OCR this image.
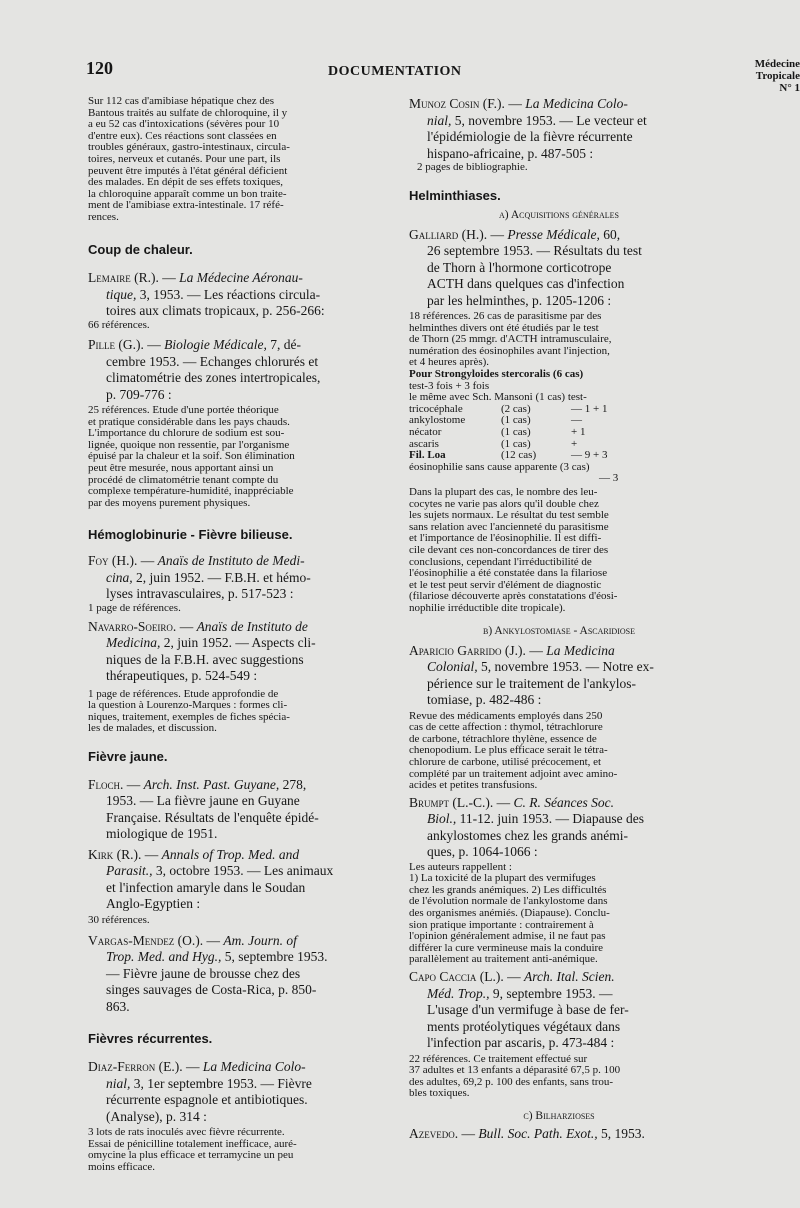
120	DOCUMENTATION	Médecine
Tropicale
N° 1
Sur 112 cas d'amibiase hépatique chez des
Bantous traités au sulfate de chloroquine, il y
a eu 52 cas d'intoxications (sévères pour 10
d'entre eux). Ces réactions sont classées en
troubles généraux, gastro-intestinaux, circula-
toires, nerveux et cutanés. Pour une part, ils
peuvent être imputés à l'état général déficient
des malades. En dépit de ses effets toxiques,
la chloroquine apparaît comme un bon traite-
ment de l'amibiase extra-intestinale. 17 réfé-
rences.
Coup de chaleur.
Lemaire (R.). — La Médecine Aéronau-

tique, 3, 1953. — Les réactions circula-
toires aux climats tropicaux, p. 256-266:
66 références.
Pille (G.). — Biologie Médicale, 7, dé-
cembre 1953. — Echanges chlorurés et
climatométrie des zones intertropicales,
p. 709-776 :
25 références. Etude d'une portée théorique
et pratique considérable dans les pays chauds.
L'importance du chlorure de sodium est sou-
lignée, quoique non ressentie, par l'organisme
épuisé par la chaleur et la soif. Son élimination
peut être mesurée, nous apportant ainsi un
procédé de climatométrie tenant compte du
complexe température-humidité, inappréciable
par des moyens purement physiques.
Hémoglobinurie - Fièvre bilieuse.
Foy (H.). — Anaïs de Instituto de Medi-

cina, 2, juin 1952. — F.B.H. et hémo-
lyses intravasculaires, p. 517-523 :
1 page de références.
Navarro-Soeiro. — Anaïs de Instituto de

Medicina, 2, juin 1952. — Aspects cli-
niques de la F.B.H. avec suggestions
thérapeutiques, p. 524-549 :
1 page de références. Etude approfondie de
la question à Lourenzo-Marques : formes cli-
niques, traitement, exemples de fiches spécia-
les de malades, et discussion.
Fièvre jaune.
Floch. — Arch. Inst. Past. Guyane, 278,
1953. — La fièvre jaune en Guyane
Française. Résultats de l'enquête épidé-
miologique de 1951.
Kirk (R.). — Annals of Trop. Med. and

Parasit., 3, octobre 1953. — Les animaux
et l'infection amaryle dans le Soudan
Anglo-Egyptien :
30 références.
Vargas-Mendez (O.). — Am. Journ. of

Trop. Med. and Hyg., 5, septembre 1953.
— Fièvre jaune de brousse chez des
singes sauvages de Costa-Rica, p. 850-
863.
Fièvres récurrentes.
Diaz-Ferron (E.). — La Medicina Colo-

nial, 3, 1er septembre 1953. — Fièvre
récurrente espagnole et antibiotiques.
(Analyse), p. 314 :
3 lots de rats inoculés avec fièvre récurrente.
Essai de pénicilline totalement inefficace, auré-
omycine la plus efficace et terramycine un peu
moins efficace.
Munoz Cosin (F.). — La Medicina Colo-

nial, 5, novembre 1953. — Le vecteur et
l'épidémiologie de la fièvre récurrente
hispano-africaine, p. 487-505 :
2 pages de bibliographie.
Helminthiases.
a) Acquisitions générales
Galliard (H.). — Presse Médicale, 60,
26 septembre 1953. — Résultats du test
de Thorn à l'hormone corticotrope
ACTH dans quelques cas d'infection
par les helminthes, p. 1205-1206 :
18 références. 26 cas de parasitisme par des
helminthes divers ont été étudiés par le test
de Thorn (25 mmgr. d'ACTH intramusculaire,
numération des éosinophiles avant l'injection,
et 4 heures après).
Pour Strongyloides stercoralis (6 cas)
test-3 fois + 3 fois
le même avec Sch. Mansoni (1 cas) test-
tricocéphale	(2 cas)	— 1 + 1
ankylostome	(1 cas)	—
nécator	(1 cas)	+ 1
ascaris	(1 cas)	+
Fil. Loa	(12 cas)	— 9 + 3
éosinophilie sans cause apparente (3 cas)
— 3
Dans la plupart des cas, le nombre des leu-
cocytes ne varie pas alors qu'il double chez
les sujets normaux. Le résultat du test semble
sans relation avec l'ancienneté du parasitisme
et l'importance de l'éosinophilie. Il est diffi-
cile devant ces non-concordances de tirer des
conclusions, cependant l'irréductibilité de
l'éosinophilie a été constatée dans la filariose
et le test peut servir d'élément de diagnostic
(filariose découverte après constatations d'éosi-
nophilie irréductible dite tropicale).
b) Ankylostomiase - Ascaridiose
Aparicio Garrido (J.). — La Medicina

Colonial, 5, novembre 1953. — Notre ex-
périence sur le traitement de l'ankylos-
tomiase, p. 482-486 :
Revue des médicaments employés dans 250
cas de cette affection : thymol, tétrachlorure
de carbone, tétrachlore thylène, essence de
chenopodium. Le plus efficace serait le tétra-
chlorure de carbone, utilisé précocement, et
complété par un traitement adjoint avec amino-
acides et petites transfusions.
Brumpt (L.-C.). — C. R. Séances Soc.

Biol., 11-12. juin 1953. — Diapause des
ankylostomes chez les grands anémi-
ques, p. 1064-1066 :
Les auteurs rappellent :
1) La toxicité de la plupart des vermifuges
chez les grands anémiques. 2) Les difficultés
de l'évolution normale de l'ankylostome dans
des organismes anémiés. (Diapause). Conclu-
sion pratique importante : contrairement à
l'opinion généralement admise, il ne faut pas
différer la cure vermineuse mais la conduire
parallèlement au traitement anti-anémique.
Capo Caccia (L.). — Arch. Ital. Scien.

Méd. Trop., 9, septembre 1953. —
L'usage d'un vermifuge à base de fer-
ments protéolytiques végétaux dans
l'infection par ascaris, p. 473-484 :
22 références. Ce traitement effectué sur
37 adultes et 13 enfants a déparasité 67,5 p. 100
des adultes, 69,2 p. 100 des enfants, sans trou-
bles toxiques.
c) Bilharzioses
Azevedo. — Bull. Soc. Path. Exot., 5, 1953.
